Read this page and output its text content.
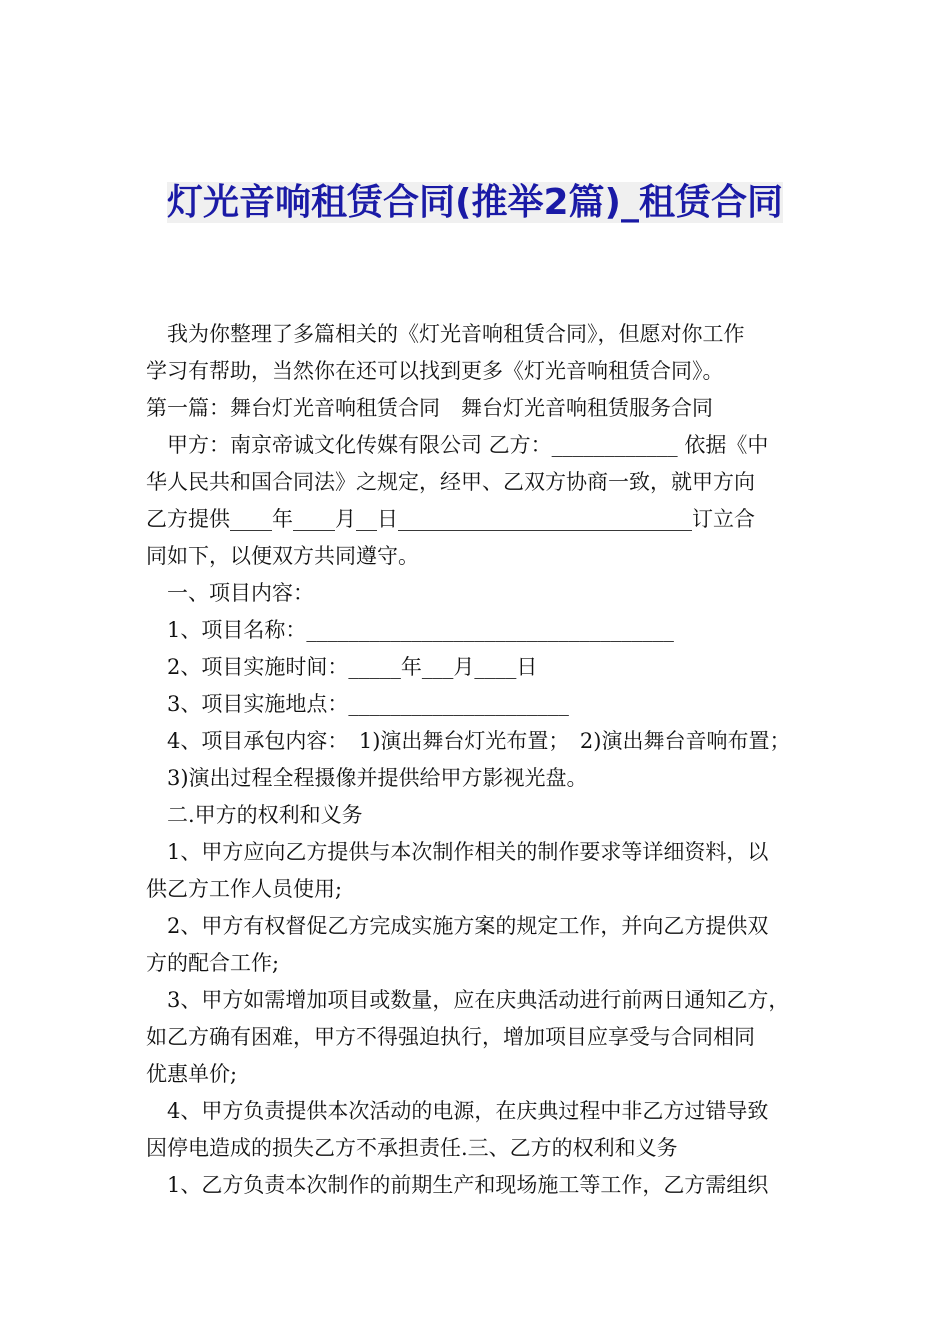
灯光音响租赁合同(推举2篇)_租赁合同

我为你整理了多篇相关的《灯光音响租赁合同》，但愿对你工作

学习有帮助，当然你在还可以找到更多《灯光音响租赁合同》。

第一篇：舞台灯光音响租赁合同　舞台灯光音响租赁服务合同

甲方：南京帝诚文化传媒有限公司 乙方：____________ 依据《中

华人民共和国合同法》之规定，经甲、乙双方协商一致，就甲方向

乙方提供____年____月__日____________________________订立合

同如下，以便双方共同遵守。

一、项目内容：

1、项目名称：___________________________________

2、项目实施时间：_____年___月____日

3、项目实施地点：_____________________

4、项目承包内容：　1)演出舞台灯光布置；　2)演出舞台音响布置；

3)演出过程全程摄像并提供给甲方影视光盘。

二.甲方的权利和义务

1、甲方应向乙方提供与本次制作相关的制作要求等详细资料，以

供乙方工作人员使用;

2、甲方有权督促乙方完成实施方案的规定工作，并向乙方提供双

方的配合工作;

3、甲方如需增加项目或数量，应在庆典活动进行前两日通知乙方，

如乙方确有困难，甲方不得强迫执行，增加项目应享受与合同相同

优惠单价;

4、甲方负责提供本次活动的电源，在庆典过程中非乙方过错导致

因停电造成的损失乙方不承担责任.三、乙方的权利和义务

1、乙方负责本次制作的前期生产和现场施工等工作，乙方需组织
